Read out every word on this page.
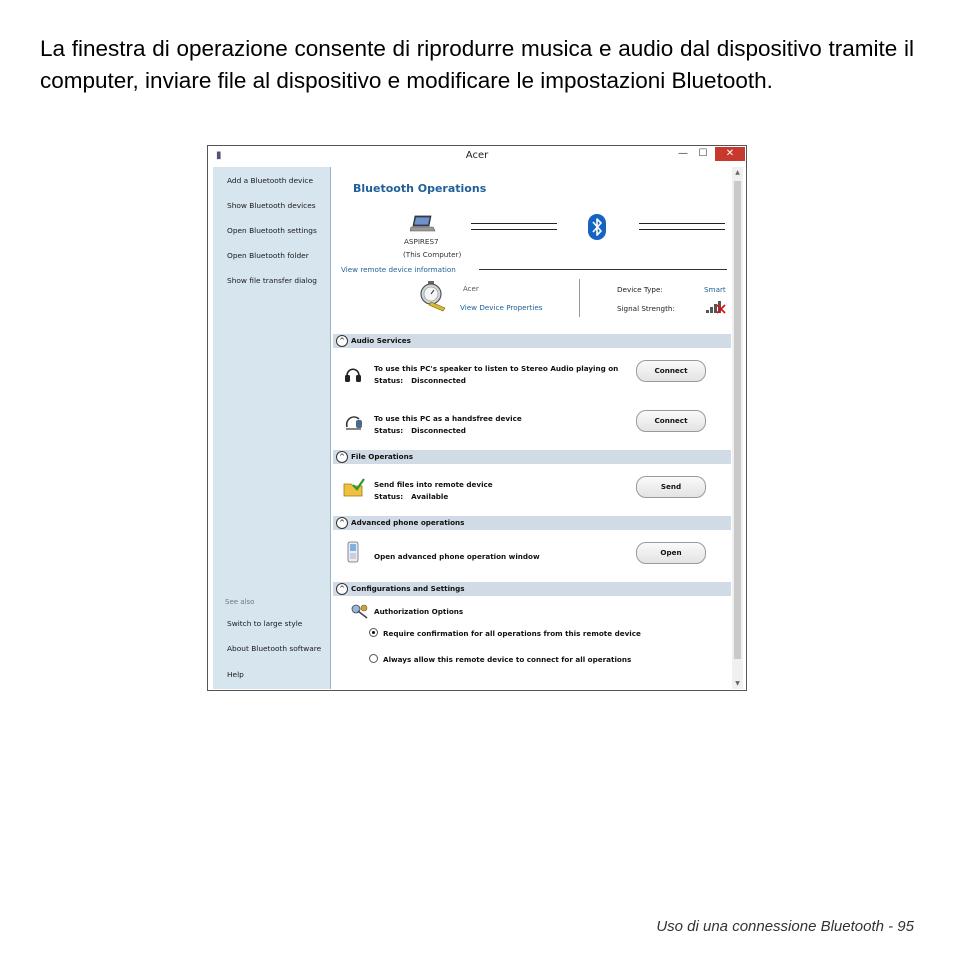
La finestra di operazione consente di riprodurre musica e audio dal dispositivo tramite il computer, inviare file al dispositivo e modificare le impostazioni Bluetooth.

▮	Acer	— ☐	✕
Add a Bluetooth device
Show Bluetooth devices
Open Bluetooth settings
Open Bluetooth folder
Show file transfer dialog
See also
Switch to large style
About Bluetooth software
Help
Bluetooth Operations
ASPIRES7
(This Computer)
View remote device information
Acer
View Device Properties
Device Type:	Smart
Signal Strength:
^ Audio Services
To use this PC's speaker to listen to Stereo Audio playing on
Status: Disconnected
Connect
To use this PC as a handsfree device
Status: Disconnected
Connect
^ File Operations
Send files into remote device
Status: Available
Send
^ Advanced phone operations
Open advanced phone operation window	Open
^ Configurations and Settings
Authorization Options
Require confirmation for all operations from this remote device
Always allow this remote device to connect for all operations
▲
▼
Uso di una connessione Bluetooth - 95
